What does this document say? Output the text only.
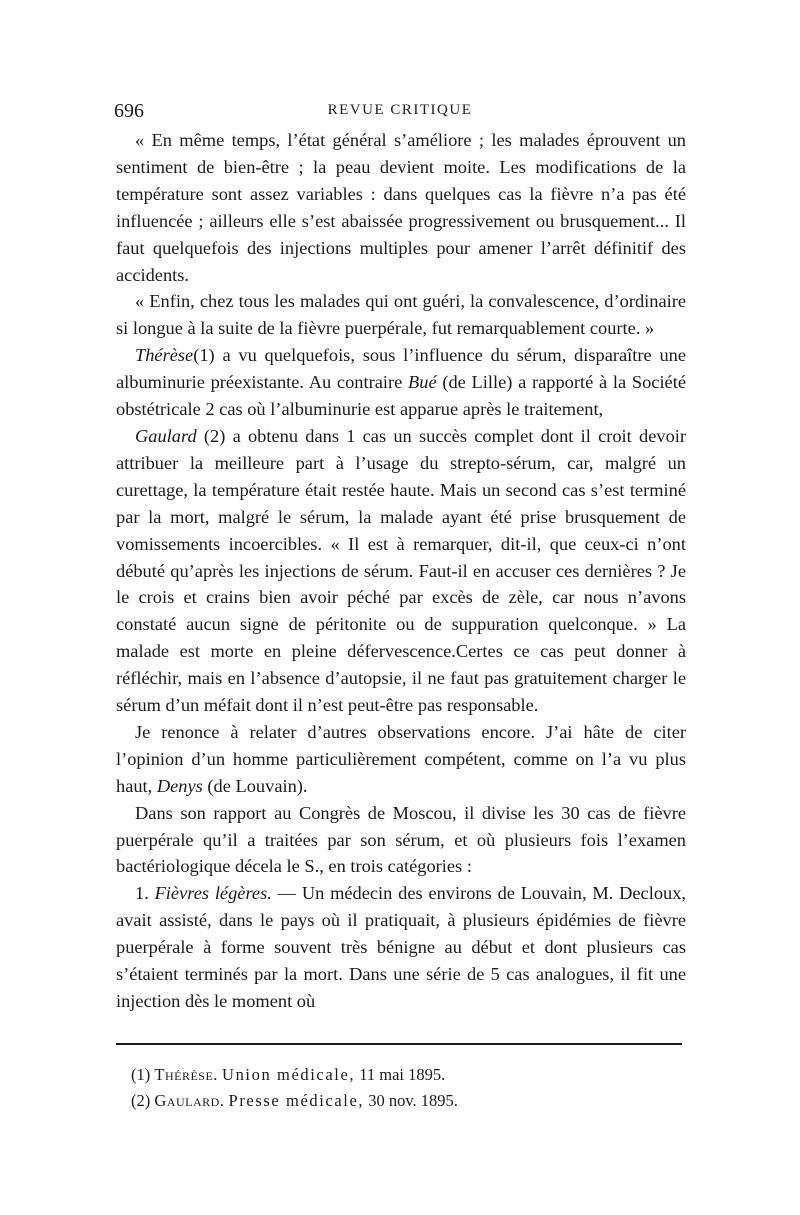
696	REVUE CRITIQUE

« En même temps, l’état général s’améliore ; les malades éprouvent un sentiment de bien-être ; la peau devient moite. Les modifications de la température sont assez variables : dans quelques cas la fièvre n’a pas été influencée ; ailleurs elle s’est abaissée progressivement ou brusquement... Il faut quelquefois des injections multiples pour amener l’arrêt définitif des accidents.

« Enfin, chez tous les malades qui ont guéri, la convalescence, d’ordinaire si longue à la suite de la fièvre puerpérale, fut remarquablement courte. »

Thérèse(1) a vu quelquefois, sous l’influence du sérum, disparaître une albuminurie préexistante. Au contraire Bué (de Lille) a rapporté à la Société obstétricale 2 cas où l’albuminurie est apparue après le traitement,

Gaulard (2) a obtenu dans 1 cas un succès complet dont il croit devoir attribuer la meilleure part à l’usage du strepto-sérum, car, malgré un curettage, la température était restée haute. Mais un second cas s’est terminé par la mort, malgré le sérum, la malade ayant été prise brusquement de vomissements incoercibles. « Il est à remarquer, dit-il, que ceux-ci n’ont débuté qu’après les injections de sérum. Faut-il en accuser ces dernières ? Je le crois et crains bien avoir péché par excès de zèle, car nous n’avons constaté aucun signe de péritonite ou de suppuration quelconque. » La malade est morte en pleine défervescence.Certes ce cas peut donner à réfléchir, mais en l’absence d’autopsie, il ne faut pas gratuitement charger le sérum d’un méfait dont il n’est peut-être pas responsable.

Je renonce à relater d’autres observations encore. J’ai hâte de citer l’opinion d’un homme particulièrement compétent, comme on l’a vu plus haut, Denys (de Louvain).

Dans son rapport au Congrès de Moscou, il divise les 30 cas de fièvre puerpérale qu’il a traitées par son sérum, et où plusieurs fois l’examen bactériologique décela le S., en trois catégories :

1. Fièvres légères. — Un médecin des environs de Louvain, M. Decloux, avait assisté, dans le pays où il pratiquait, à plusieurs épidémies de fièvre puerpérale à forme souvent très bénigne au début et dont plusieurs cas s’étaient terminés par la mort. Dans une série de 5 cas analogues, il fit une injection dès le moment où

(1) Thérèse. Union médicale, 11 mai 1895.

(2) Gaulard. Presse médicale, 30 nov. 1895.
